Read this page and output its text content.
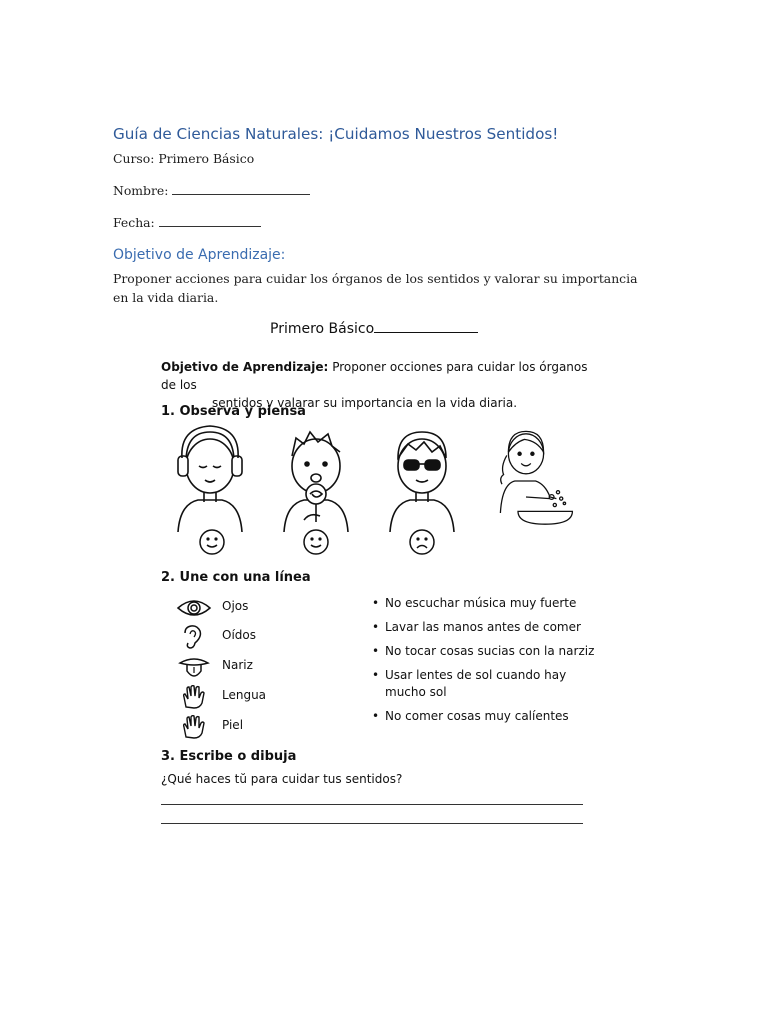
Guía de Ciencias Naturales: ¡Cuidamos Nuestros Sentidos!
Curso: Primero Básico
Nombre:
Fecha:
Objetivo de Aprendizaje:
Proponer acciones para cuidar los órganos de los sentidos y valorar su importancia en la vida diaria.
Primero Básico
Objetivo de Aprendizaje: Proponer occiones para cuidar los órganos de los
sentidos y valarar su importancia en la vida diaria.
1. Observa y piensa
2. Une con una línea
Ojos
Oídos
Nariz
Lengua
Piel
• No escuchar música muy fuerte
• Lavar las manos antes de comer
• No tocar cosas sucias con la narziz
• Usar lentes de sol cuando hay mucho sol
• No comer cosas muy calíentes
3. Escribe o dibuja
¿Qué haces tŭ para cuidar tus sentidos?
